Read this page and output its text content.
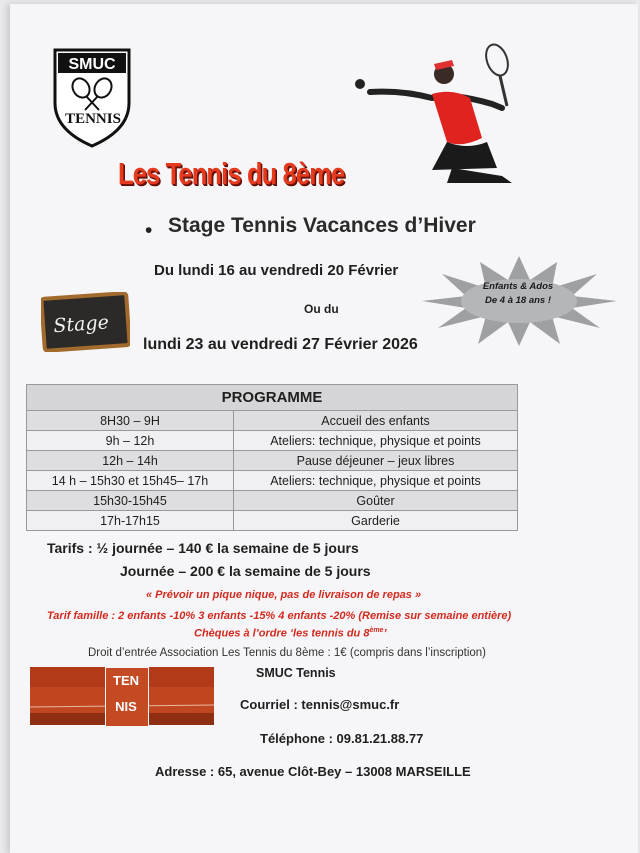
SMUC
TENNIS
Les Tennis du 8ème
• Stage Tennis Vacances d’Hiver
Du lundi 16 au vendredi 20 Février
Ou du
lundi 23 au vendredi 27 Février 2026
Stage
Enfants & Ados
De 4 à 18 ans !
PROGRAMME	
8H30 – 9H	Accueil des enfants
9h – 12h	Ateliers: technique, physique et points
12h – 14h	Pause déjeuner – jeux libres
14 h – 15h30 et 15h45– 17h	Ateliers: technique, physique et points
15h30-15h45	Goûter
17h-17h15	Garderie
Tarifs : ½ journée – 140 € la semaine de 5 jours
Journée – 200 € la semaine de 5 jours
« Prévoir un pique nique, pas de livraison de repas »
Tarif famille : 2 enfants -10% 3 enfants -15% 4 enfants -20% (Remise sur semaine entière)
Chèques à l’ordre ‘les tennis du 8ème’
Droit d’entrée Association Les Tennis du 8ème : 1€ (compris dans l’inscription)
SMUC Tennis
TEN
NIS	Courriel : tennis@smuc.fr
Téléphone : 09.81.21.88.77
Adresse : 65, avenue Clôt-Bey – 13008 MARSEILLE
